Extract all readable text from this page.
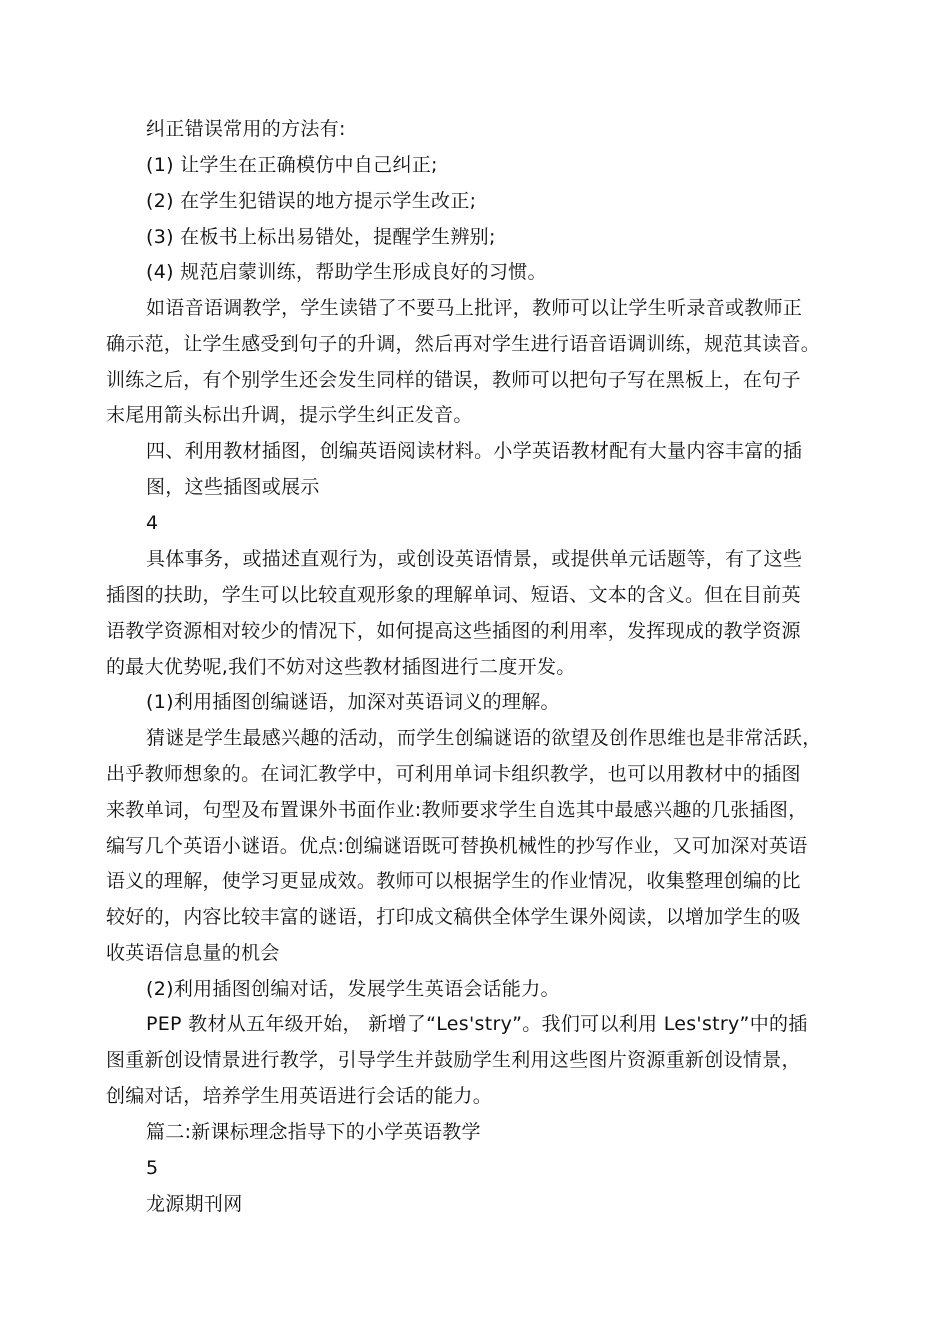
纠正错误常用的方法有:
(1) 让学生在正确模仿中自己纠正;
(2) 在学生犯错误的地方提示学生改正;
(3) 在板书上标出易错处，提醒学生辨别;
(4) 规范启蒙训练，帮助学生形成良好的习惯。
如语音语调教学，学生读错了不要马上批评，教师可以让学生听录音或教师正
确示范，让学生感受到句子的升调，然后再对学生进行语音语调训练，规范其读音。
训练之后，有个别学生还会发生同样的错误，教师可以把句子写在黑板上，在句子
末尾用箭头标出升调，提示学生纠正发音。
四、利用教材插图，创编英语阅读材料。小学英语教材配有大量内容丰富的插
图，这些插图或展示
4
具体事务，或描述直观行为，或创设英语情景，或提供单元话题等，有了这些
插图的扶助，学生可以比较直观形象的理解单词、短语、文本的含义。但在目前英
语教学资源相对较少的情况下，如何提高这些插图的利用率，发挥现成的教学资源
的最大优势呢,我们不妨对这些教材插图进行二度开发。
(1)利用插图创编谜语，加深对英语词义的理解。
猜谜是学生最感兴趣的活动，而学生创编谜语的欲望及创作思维也是非常活跃，
出乎教师想象的。在词汇教学中，可利用单词卡组织教学，也可以用教材中的插图
来教单词，句型及布置课外书面作业:教师要求学生自选其中最感兴趣的几张插图，
编写几个英语小谜语。优点:创编谜语既可替换机械性的抄写作业，又可加深对英语
语义的理解，使学习更显成效。教师可以根据学生的作业情况，收集整理创编的比
较好的，内容比较丰富的谜语，打印成文稿供全体学生课外阅读，以增加学生的吸
收英语信息量的机会
(2)利用插图创编对话，发展学生英语会话能力。
PEP 教材从五年级开始， 新增了“Les'stry”。我们可以利用 Les'stry”中的插
图重新创设情景进行教学，引导学生并鼓励学生利用这些图片资源重新创设情景，
创编对话，培养学生用英语进行会话的能力。
篇二:新课标理念指导下的小学英语教学
5
龙源期刊网
